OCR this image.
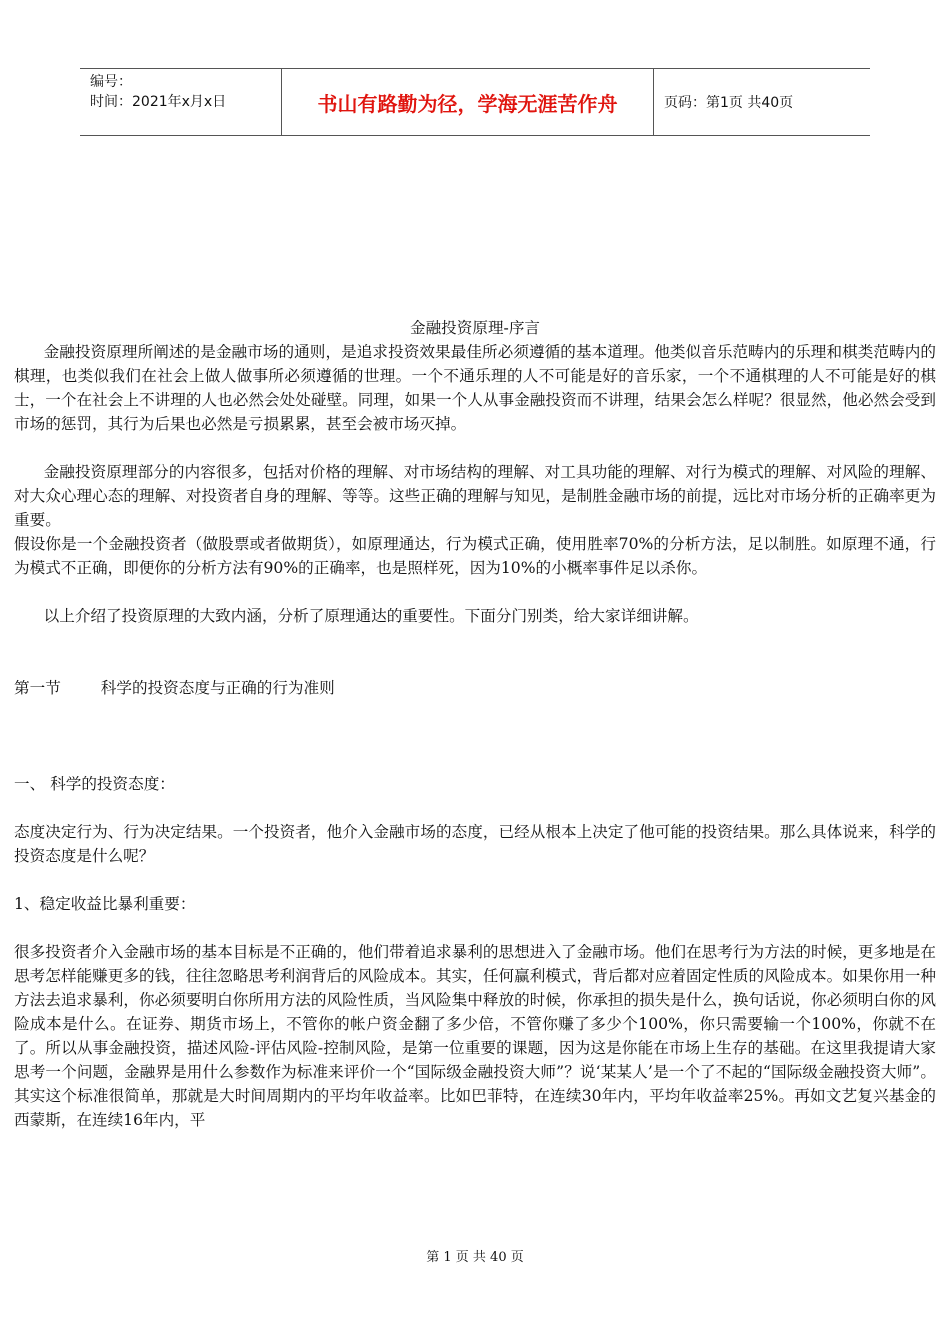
编号：
时间：2021年x月x日	书山有路勤为径，学海无涯苦作舟	页码：第1页 共40页

金融投资原理-序言

金融投资原理所阐述的是金融市场的通则，是追求投资效果最佳所必须遵循的基本道理。他类似音乐范畴内的乐理和棋类范畴内的棋理，也类似我们在社会上做人做事所必须遵循的世理。一个不通乐理的人不可能是好的音乐家，一个不通棋理的人不可能是好的棋士，一个在社会上不讲理的人也必然会处处碰壁。同理，如果一个人从事金融投资而不讲理，结果会怎么样呢？很显然，他必然会受到市场的惩罚，其行为后果也必然是亏损累累，甚至会被市场灭掉。

金融投资原理部分的内容很多，包括对价格的理解、对市场结构的理解、对工具功能的理解、对行为模式的理解、对风险的理解、对大众心理心态的理解、对投资者自身的理解、等等。这些正确的理解与知见，是制胜金融市场的前提，远比对市场分析的正确率更为重要。

假设你是一个金融投资者（做股票或者做期货），如原理通达，行为模式正确，使用胜率70%的分析方法，足以制胜。如原理不通，行为模式不正确，即便你的分析方法有90%的正确率，也是照样死，因为10%的小概率事件足以杀你。

以上介绍了投资原理的大致内涵，分析了原理通达的重要性。下面分门别类，给大家详细讲解。

第一节	科学的投资态度与正确的行为准则

一、 科学的投资态度：

态度决定行为、行为决定结果。一个投资者，他介入金融市场的态度，已经从根本上决定了他可能的投资结果。那么具体说来，科学的投资态度是什么呢？

1、稳定收益比暴利重要：

很多投资者介入金融市场的基本目标是不正确的，他们带着追求暴利的思想进入了金融市场。他们在思考行为方法的时候，更多地是在思考怎样能赚更多的钱，往往忽略思考利润背后的风险成本。其实，任何赢利模式，背后都对应着固定性质的风险成本。如果你用一种方法去追求暴利，你必须要明白你所用方法的风险性质，当风险集中释放的时候，你承担的损失是什么，换句话说，你必须明白你的风险成本是什么。在证券、期货市场上，不管你的帐户资金翻了多少倍，不管你赚了多少个100%，你只需要输一个100%，你就不在了。所以从事金融投资，描述风险-评估风险-控制风险，是第一位重要的课题，因为这是你能在市场上生存的基础。在这里我提请大家思考一个问题，金融界是用什么参数作为标准来评价一个“国际级金融投资大师”？说‘某某人’是一个了不起的“国际级金融投资大师”。其实这个标准很简单，那就是大时间周期内的平均年收益率。比如巴菲特，在连续30年内，平均年收益率25%。再如文艺复兴基金的西蒙斯，在连续16年内，平

第 1 页 共 40 页
